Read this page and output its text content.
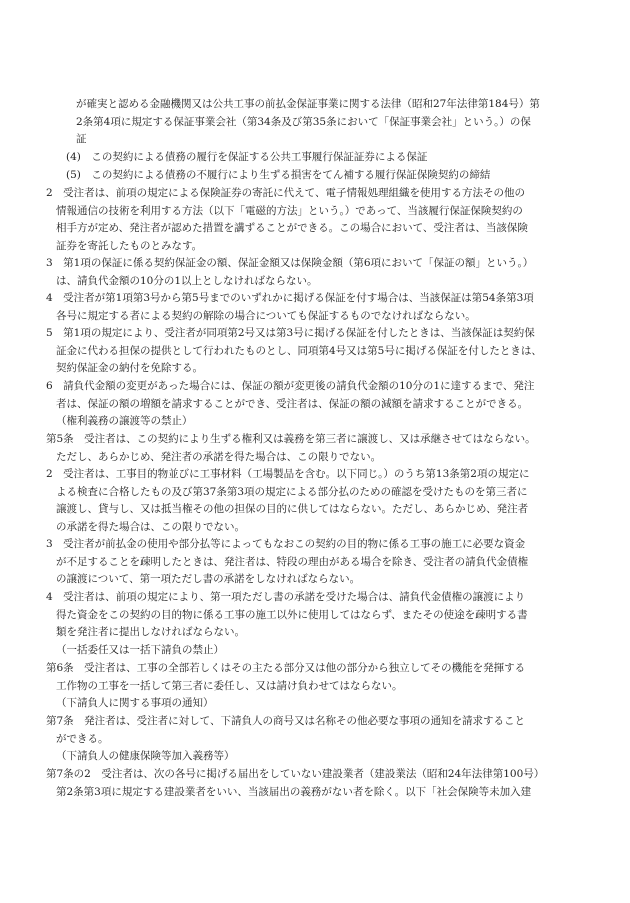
が確実と認める金融機関又は公共工事の前払金保証事業に関する法律（昭和27年法律第184号）第
2条第4項に規定する保証事業会社（第34条及び第35条において「保証事業会社」という。）の保
証
(4)　この契約による債務の履行を保証する公共工事履行保証証券による保証
(5)　この契約による債務の不履行により生ずる損害をてん補する履行保証保険契約の締結
2　受注者は、前項の規定による保険証券の寄託に代えて、電子情報処理組織を使用する方法その他の
情報通信の技術を利用する方法（以下「電磁的方法」という。）であって、当該履行保証保険契約の
相手方が定め、発注者が認めた措置を講ずることができる。この場合において、受注者は、当該保険
証券を寄託したものとみなす。
3　第1項の保証に係る契約保証金の額、保証金額又は保険金額（第6項において「保証の額」という。）
は、請負代金額の10分の1以上としなければならない。
4　受注者が第1項第3号から第5号までのいずれかに掲げる保証を付す場合は、当該保証は第54条第3項
各号に規定する者による契約の解除の場合についても保証するものでなければならない。
5　第1項の規定により、受注者が同項第2号又は第3号に掲げる保証を付したときは、当該保証は契約保
証金に代わる担保の提供として行われたものとし、同項第4号又は第5号に掲げる保証を付したときは、
契約保証金の納付を免除する。
6　請負代金額の変更があった場合には、保証の額が変更後の請負代金額の10分の1に達するまで、発注
者は、保証の額の増額を請求することができ、受注者は、保証の額の減額を請求することができる。
（権利義務の譲渡等の禁止）
第5条　受注者は、この契約により生ずる権利又は義務を第三者に譲渡し、又は承継させてはならない。
ただし、あらかじめ、発注者の承諾を得た場合は、この限りでない。
2　受注者は、工事目的物並びに工事材料（工場製品を含む。以下同じ。）のうち第13条第2項の規定に
よる検査に合格したもの及び第37条第3項の規定による部分払のための確認を受けたものを第三者に
譲渡し、貸与し、又は抵当権その他の担保の目的に供してはならない。ただし、あらかじめ、発注者
の承諾を得た場合は、この限りでない。
3　受注者が前払金の使用や部分払等によってもなおこの契約の目的物に係る工事の施工に必要な資金
が不足することを疎明したときは、発注者は、特段の理由がある場合を除き、受注者の請負代金債権
の譲渡について、第一項ただし書の承諾をしなければならない。
4　受注者は、前項の規定により、第一項ただし書の承諾を受けた場合は、請負代金債権の譲渡により
得た資金をこの契約の目的物に係る工事の施工以外に使用してはならず、またその使途を疎明する書
類を発注者に提出しなければならない。
（一括委任又は一括下請負の禁止）
第6条　受注者は、工事の全部若しくはその主たる部分又は他の部分から独立してその機能を発揮する
工作物の工事を一括して第三者に委任し、又は請け負わせてはならない。
（下請負人に関する事項の通知）
第7条　発注者は、受注者に対して、下請負人の商号又は名称その他必要な事項の通知を請求すること
ができる。
（下請負人の健康保険等加入義務等）
第7条の2　受注者は、次の各号に掲げる届出をしていない建設業者（建設業法（昭和24年法律第100号）
第2条第3項に規定する建設業者をいい、当該届出の義務がない者を除く。以下「社会保険等未加入建
